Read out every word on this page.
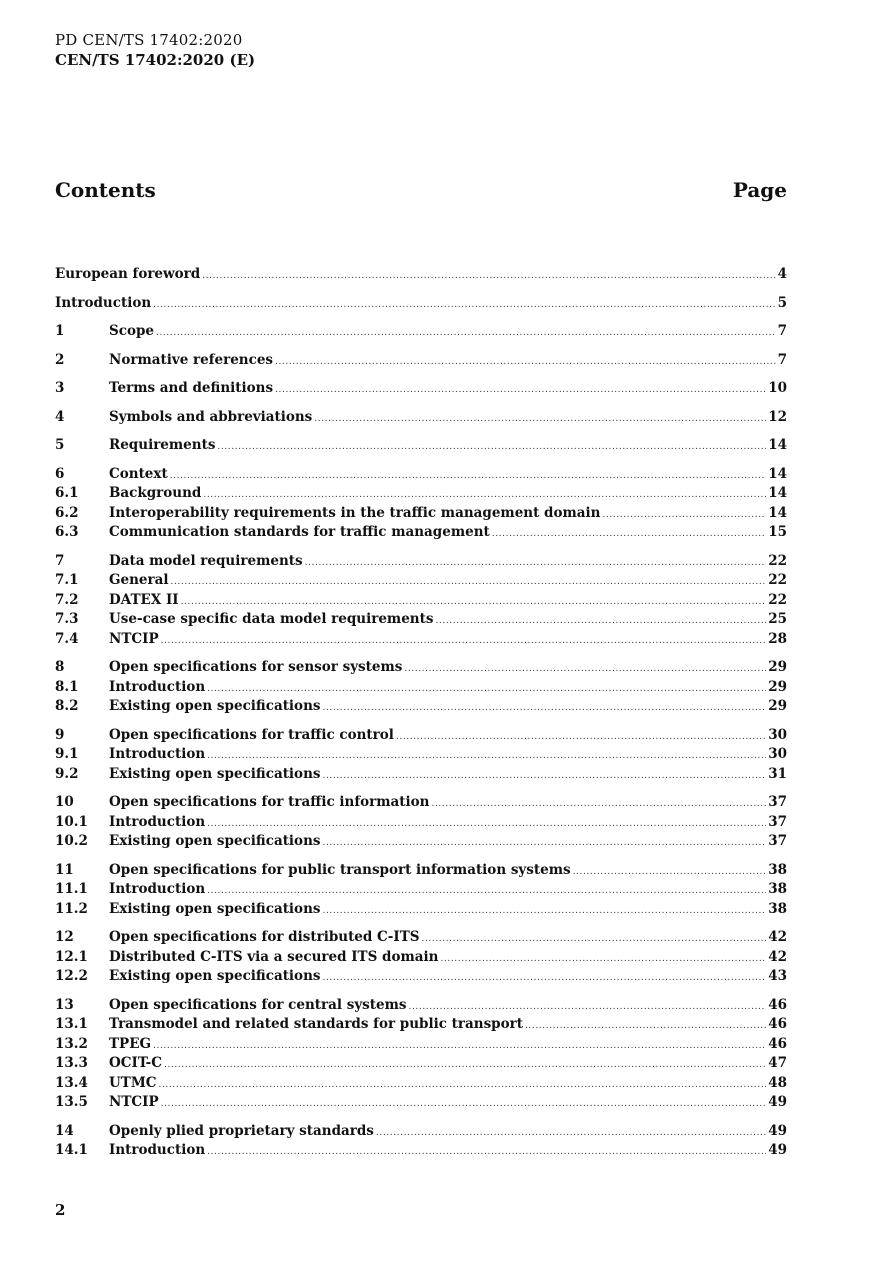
PD CEN/TS 17402:2020
CEN/TS 17402:2020 (E)
Contents	Page
European foreword .....	4
Introduction .....	5
1	Scope .....	7
2	Normative references .....	7
3	Terms and definitions .....	10
4	Symbols and abbreviations .....	12
5	Requirements .....	14
6	Context .....	14
6.1	Background .....	14
6.2	Interoperability requirements in the traffic management domain .....	14
6.3	Communication standards for traffic management .....	15
7	Data model requirements .....	22
7.1	General .....	22
7.2	DATEX II .....	22
7.3	Use-case specific data model requirements .....	25
7.4	NTCIP .....	28
8	Open specifications for sensor systems .....	29
8.1	Introduction .....	29
8.2	Existing open specifications .....	29
9	Open specifications for traffic control .....	30
9.1	Introduction .....	30
9.2	Existing open specifications .....	31
10	Open specifications for traffic information .....	37
10.1	Introduction .....	37
10.2	Existing open specifications .....	37
11	Open specifications for public transport information systems .....	38
11.1	Introduction .....	38
11.2	Existing open specifications .....	38
12	Open specifications for distributed C-ITS .....	42
12.1	Distributed C-ITS via a secured ITS domain .....	42
12.2	Existing open specifications .....	43
13	Open specifications for central systems .....	46
13.1	Transmodel and related standards for public transport .....	46
13.2	TPEG .....	46
13.3	OCIT-C .....	47
13.4	UTMC .....	48
13.5	NTCIP .....	49
14	Openly plied proprietary standards .....	49
14.1	Introduction .....	49
2
